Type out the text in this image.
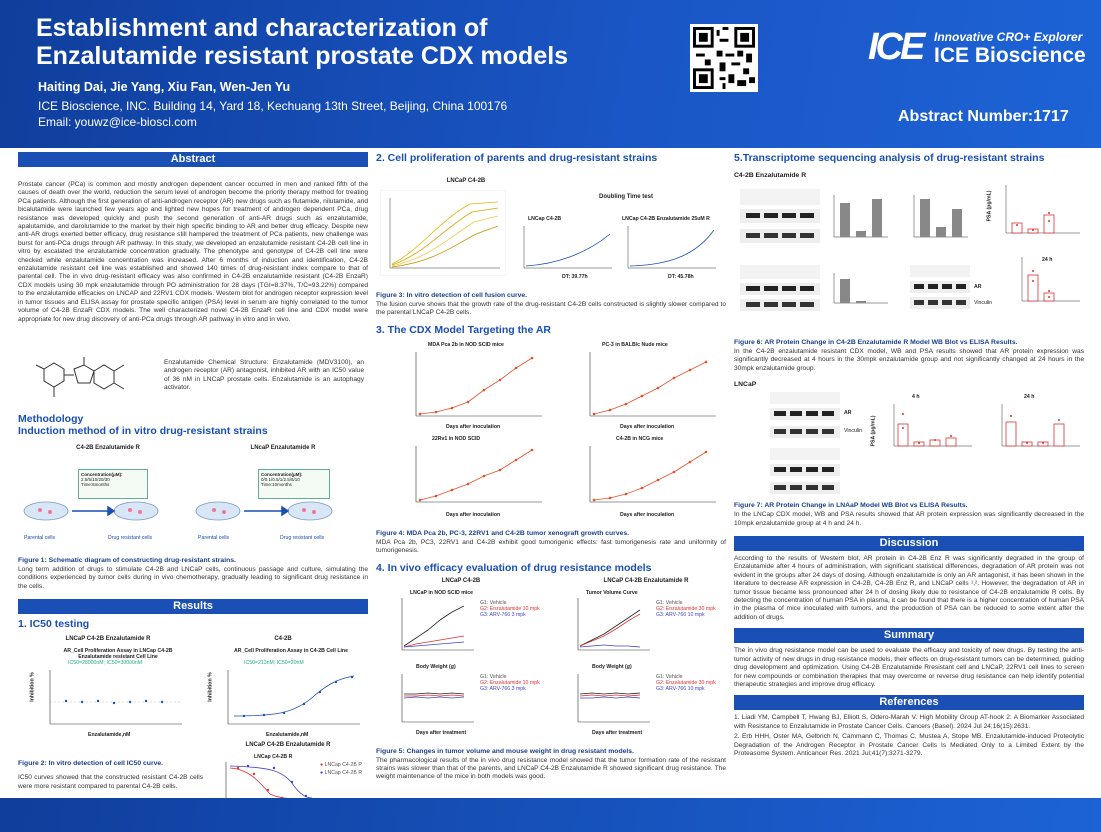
Establishment and characterization of Enzalutamide resistant prostate CDX models
Haiting Dai, Jie Yang, Xiu Fan, Wen-Jen Yu
ICE Bioscience, INC. Building 14, Yard 18, Kechuang 13th Street, Beijing, China 100176
Email: youwz@ice-biosci.com
ICE Innovative CRO+ Explorer
ICE Bioscience
Abstract Number:1717
Abstract
Prostate cancer (PCa) is common and mostly androgen dependent cancer occurred in men and ranked fifth of the causes of death over the world, reduction the serum level of androgen become the priority therapy method for treating PCa patients. Although the first generation of anti-androgen receptor (AR) new drugs such as flutamide, nilutamide, and bicalutamide were launched few years ago and lighted new hopes for treatment of androgen dependent PCa, drug resistance was developed quickly and push the second generation of anti-AR drugs such as enzalutamide, apalutamide, and darolutamide to the market by their high specific binding to AR and better drug efficacy. Despite new anti-AR drugs exerted better efficacy, drug resistance still hampered the treatment of PCa patients, new challenge was burst for anti-PCa drugs through AR pathway. In this study, we developed an enzalutamide resistant C4-2B cell line in vitro by escalated the enzalutamide concentration gradually. The phenotype and genotype of C4-2B cell line were checked while enzalutamide concentration was increased. After 6 months of induction and identification, C4-2B enzalutamide resistant cell line was established and showed 140 times of drug-resistant index compare to that of parental cell. The in vivo drug-resistant efficacy was also confirmed in C4-2B enzalutamide resistant (C4-2B EnzaR) CDX models using 30 mpk enzalutamide through PO administration for 28 days (TGI=8.37%, T/C=93.22%) compared to the enzalutamide efficacies on LNCAP and 22RV1 CDX models. Western blot for androgen receptor expression level in tumor tissues and ELISA assay for prostate specific antigen (PSA) level in serum are highly correlated to the tumor volume of C4-2B EnzaR CDX models. The well characterized novel C4-2B EnzaR cell line and CDX model were appropriate for new drug discovery of anti-PCa drugs through AR pathway in vitro and in vivo.
Enzalutamide Chemical Structure: Enzalutamide (MDV3100), an androgen receptor (AR) antagonist, inhibited AR with an IC50 value of 36 nM in LNCaP prostate cells. Enzalutamide is an autophagy activator.
Methodology
Induction method of in vitro drug-resistant strains
C4-2B Enzalutamide R	LNcaP Enzalutamide R
Concentration(μM):
2.5/5/10/20/30
Time:6months
Concentration(μM):
0/0.1/0.5/1/2.5/5/10
Time:10months
Parental cells	Drug resistant cells	Parental cells	Drug resistant cells
Figure 1: Schematic diagram of constructing drug-resistant strains.
Long term addition of drugs to stimulate C4-2B and LNCaP cells, continuous passage and culture, simulating the conditions experienced by tumor cells during in vivo chemotherapy, gradually leading to significant drug resistance in the cells.
Results
1. IC50 testing
LNCaP C4-2B Enzalutamide R	C4-2B
AR_Cell Proliferation Assay in LNCap C4-2B Enzalutamide resistant Cell Line
AR_Cell Proliferation Assay in C4-2B Cell Line
IC50=28000nM; IC50=30000nM	IC50=213nM; IC50=20nM
Inhibition %
Enzalutamide,nM
Inhibition %
Enzalutamide,nM
LNCaP C4-2B Enzalutamide R
LNCap C4-2B R
● LNCap C4-2B P
● LNCap C4-2B R
Figure 2: In vitro detection of cell IC50 curve.
IC50 curves showed that the constructed resistant C4-2B cells were more resistant compared to parental C4-2B cells.
2. Cell proliferation of parents and drug-resistant strains
LNCaP C4-2B
Doubling Time test
LNCap C4-2B	LNCap C4-2B Enzalutamide 25uM R
DT: 39.77h	DT: 45.78h
Figure 3: In vitro detection of cell fusion curve.
The fusion curve shows that the growth rate of the drug-resistant C4-2B cells constructed is slightly slower compared to the parental LNCaP C4-2B cells.
3. The CDX Model Targeting the AR
MDA Pca 2b in NOD SCID mice	PC-3 in BALB/c Nude mice
Days after inoculation	Days after inoculation
22Rv1 in NOD SCID	C4-2B in NCG mice
Days after inoculation	Days after inoculation
Figure 4: MDA Pca 2b, PC-3, 22RV1 and C4-2B tumor xenograft growth curves.
MDA Pca 2b, PC3, 22RV1 and C4-2B exhibit good tumorigenic effects: fast tumorigenesis rate and uniformity of tumorigenesis.
4. In vivo efficacy evaluation of drug resistance models
LNCaP C4-2B	LNCaP C4-2B Enzalutamide R
LNCaP in NOD SCID mice	Tumor Volume Curve
G1: Vehicle
G2: Enzalutamide 10 mpk
G3: ARV-766 3 mpk
G1: Vehicle
G2: Enzalutamide 30 mpk
G3: ARV-766 10 mpk
Body Weight (g)	Body Weight (g)
G1: Vehicle
G2: Enzalutamide 10 mpk
G3: ARV-766 3 mpk
G1: Vehicle
G2: Enzalutamide 30 mpk
G3: ARV-766 10 mpk
Days after treatment	Days after treatment
Figure 5: Changes in tumor volume and mouse weight in drug resistant models.
The pharmacological results of the in vivo drug resistance model showed that the tumor formation rate of the resistant strains was slower than that of the parents, and LNCaP C4-2B Enzalutamide R showed significant drug resistance. The weight maintenance of the mice in both models was good.
5.Transcriptome sequencing analysis of drug-resistant strains
C4-2B Enzalutamide R
PSA (pg/mL)
AR
Vinculin
24 h
Figure 6: AR Protein Change in C4-2B Enzalutamide R Model WB Blot vs ELISA Results.
In the C4-2B enzalutamide resistant CDX model, WB and PSA results showed that AR protein expression was significantly decreased at 4 hours in the 30mpk enzalutamide group and not significantly changed at 24 hours in the 30mpk enzalutamide group.
LNCaP
AR
Vinculin
4 h	24 h
PSA (pg/mL)
Figure 7: AR Protein Change in LNAaP Model WB Blot vs ELISA Results.
In the LNCap CDX model, WB and PSA results showed that AR protein expression was significantly decreased in the 10mpk enzalutamide group at 4 h and 24 h.
Discussion
According to the results of Western blot, AR protein in C4-2B Enz R was significantly degraded in the group of Enzalutamide after 4 hours of administration, with significant statistical differences, degradation of AR protein was not evident in the groups after 24 days of dosing. Although enzalutamide is only an AR antagonist, it has been shown in the literature to decrease AR expression in C4-2B, C4-2B Enz R, and LNCaP cells ¹,². However, the degradation of AR in tumor tissue became less pronounced after 24 h of dosing likely due to resistance of C4-2B enzalutamide R cells. By detecting the concentration of human PSA in plasma, it can be found that there is a higher concentration of human PSA in the plasma of mice inoculated with tumors, and the production of PSA can be reduced to some extent after the addition of drugs.
Summary
The in vivo drug resistance model can be used to evaluate the efficacy and toxicity of new drugs. By testing the anti-tumor activity of new drugs in drug resistance models, their effects on drug-resistant tumors can be determined, guiding drug development and optimization. Using C4-2B Enzalutamide Rresistant cell and LNCaP, 22RV1 cell lines to screen for new compounds or combination therapies that may overcome or reverse drug resistance can help identify potential therapeutic strategies and improve drug efficacy.
References
1. Liadi YM, Campbell T, Hwang BJ, Elliott S, Odero-Marah V. High Mobility Group AT-hook 2: A Biomarker Associated with Resistance to Enzalutamide in Prostate Cancer Cells. Cancers (Basel). 2024 Jul 24;16(15):2631.
2. Erb HHH, Oster MA, Gelbrich N, Cammann C, Thomas C, Mustea A, Stope MB. Enzalutamide-induced Proteolytic Degradation of the Androgen Receptor in Prostate Cancer Cells Is Mediated Only to a Limited Extent by the Proteasome System. Anticancer Res. 2021 Jul;41(7):3271-3279.
